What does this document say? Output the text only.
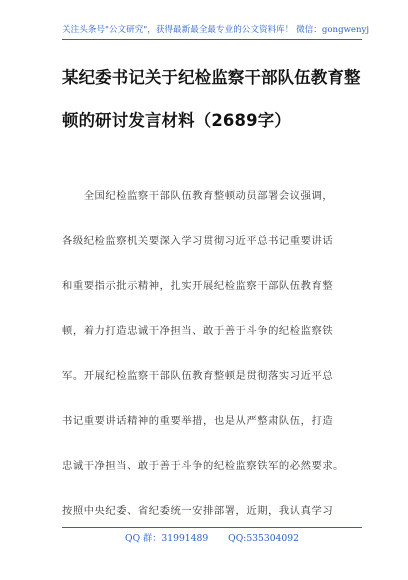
关注头条号"公文研究"，获得最新最全最专业的公文资料库！ 微信：gongwenyj
某纪委书记关于纪检监察干部队伍教育整
顿的研讨发言材料（2689字）
　　全国纪检监察干部队伍教育整顿动员部署会议强调，
各级纪检监察机关要深入学习贯彻习近平总书记重要讲话
和重要指示批示精神，扎实开展纪检监察干部队伍教育整
顿，着力打造忠诚干净担当、敢于善于斗争的纪检监察铁
军。开展纪检监察干部队伍教育整顿是贯彻落实习近平总
书记重要讲话精神的重要举措，也是从严整肃队伍，打造
忠诚干净担当、敢于善于斗争的纪检监察铁军的必然要求。
按照中央纪委、省纪委统一安排部署，近期，我认真学习
QQ 群：31991489 QQ:535304092
